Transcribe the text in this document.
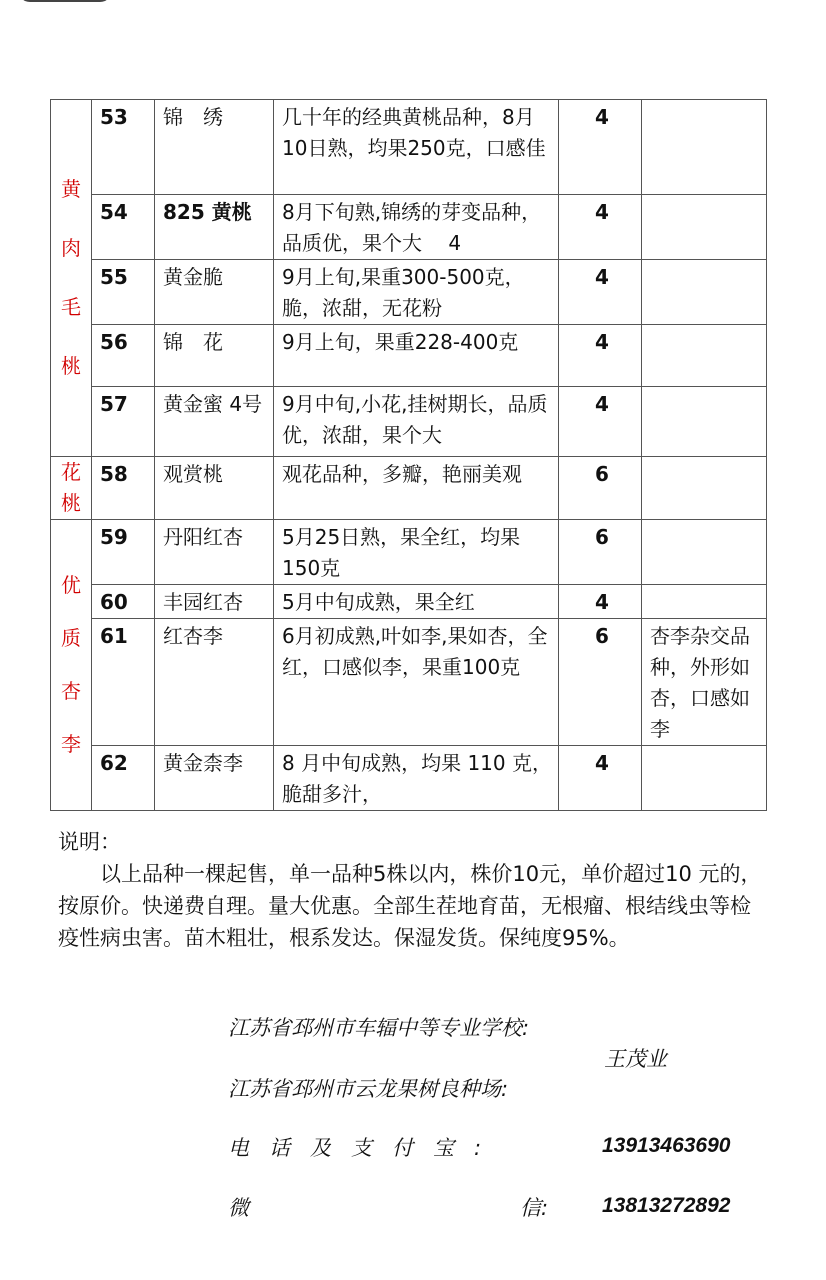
黄
肉
毛
桃	53	锦　绣	几十年的经典黄桃品种，8月10日熟，均果250克，口感佳	4	
	54	825 黄桃	8月下旬熟,锦绣的芽变品种，品质优，果个大　 4	4	
	55	黄金脆	9月上旬,果重300-500克，脆，浓甜，无花粉	4	
	56	锦　花	9月上旬，果重228-400克	4	
	57	黄金蜜 4号	9月中旬,小花,挂树期长，品质优，浓甜，果个大	4	

花
桃	58	观赏桃	观花品种，多瓣，艳丽美观	6	

优
质
杏
李	59	丹阳红杏	5月25日熟，果全红，均果150克	6	
	60	丰园红杏	5月中旬成熟，果全红	4	
	61	红杏李	6月初成熟,叶如李,果如杏，全红，口感似李，果重100克	6	杏李杂交品种，外形如杏，口感如李
	62	黄金柰李	8 月中旬成熟，均果 110 克，脆甜多汁，	4	

说明：

以上品种一棵起售，单一品种5株以内，株价10元，单价超过10 元的，按原价。快递费自理。量大优惠。全部生茬地育苗，无根瘤、根结线虫等检疫性病虫害。苗木粗壮，根系发达。保湿发货。保纯度95%。

江苏省邳州市车辐中等专业学校:
王茂业
江苏省邳州市云龙果树良种场:
电话及支付宝:	13913463690
微	信:	13813272892
